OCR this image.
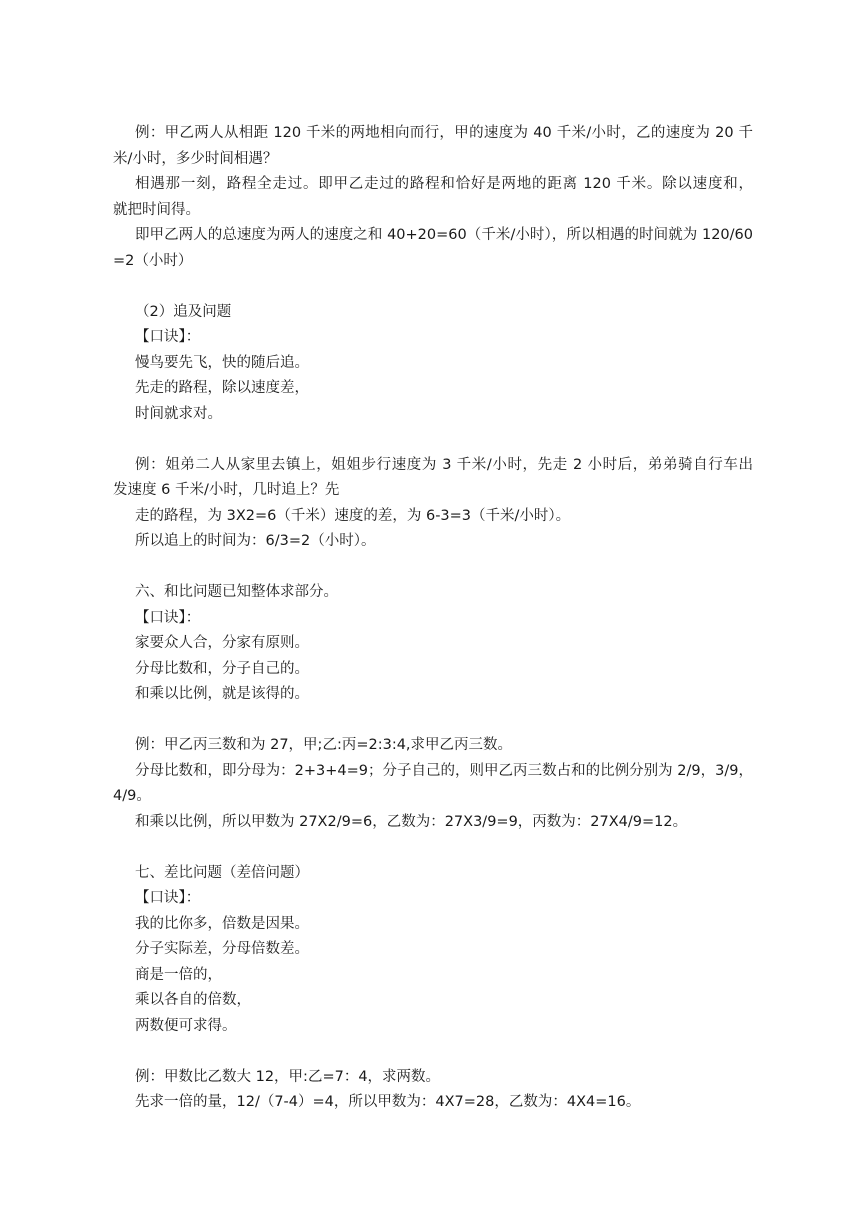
例：甲乙两人从相距 120 千米的两地相向而行，甲的速度为 40 千米/小时，乙的速度为 20 千
米/小时，多少时间相遇？
相遇那一刻，路程全走过。即甲乙走过的路程和恰好是两地的距离 120 千米。除以速度和，
就把时间得。
即甲乙两人的总速度为两人的速度之和 40+20=60（千米/小时），所以相遇的时间就为 120/60
=2（小时）
（2）追及问题
【口诀】：
慢鸟要先飞，快的随后追。
先走的路程，除以速度差，
时间就求对。
例：姐弟二人从家里去镇上，姐姐步行速度为 3 千米/小时，先走 2 小时后，弟弟骑自行车出
发速度 6 千米/小时，几时追上？先
走的路程，为 3X2=6（千米）速度的差，为 6-3=3（千米/小时）。
所以追上的时间为：6/3=2（小时）。
六、和比问题已知整体求部分。
【口诀】：
家要众人合，分家有原则。
分母比数和，分子自己的。
和乘以比例，就是该得的。
例：甲乙丙三数和为 27，甲;乙:丙=2:3:4,求甲乙丙三数。
分母比数和，即分母为：2+3+4=9；分子自己的，则甲乙丙三数占和的比例分别为 2/9，3/9，
4/9。
和乘以比例，所以甲数为 27X2/9=6，乙数为：27X3/9=9，丙数为：27X4/9=12。
七、差比问题（差倍问题）
【口诀】：
我的比你多，倍数是因果。
分子实际差，分母倍数差。
商是一倍的，
乘以各自的倍数，
两数便可求得。
例：甲数比乙数大 12，甲:乙=7：4，求两数。
先求一倍的量，12/（7-4）=4，所以甲数为：4X7=28，乙数为：4X4=16。
